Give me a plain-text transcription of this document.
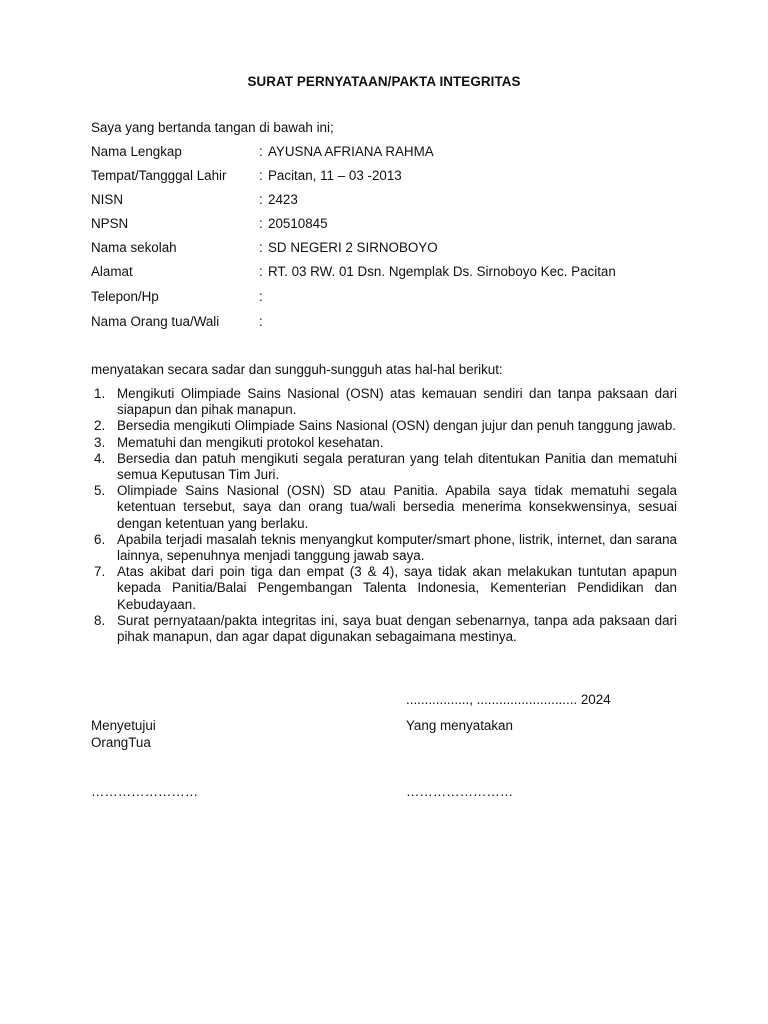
SURAT PERNYATAAN/PAKTA INTEGRITAS
Saya yang bertanda tangan di bawah ini;
Nama Lengkap	: AYUSNA AFRIANA RAHMA
Tempat/Tangggal Lahir : Pacitan, 11 – 03 -2013
NISN	: 2423
NPSN	: 20510845
Nama sekolah	: SD NEGERI 2 SIRNOBOYO
Alamat	: RT. 03 RW. 01 Dsn. Ngemplak Ds. Sirnoboyo Kec. Pacitan
Telepon/Hp	:
Nama Orang tua/Wali	:
menyatakan secara sadar dan sungguh-sungguh atas hal-hal berikut:
1. Mengikuti Olimpiade Sains Nasional (OSN) atas kemauan sendiri dan tanpa paksaan dari siapapun dan pihak manapun.
2. Bersedia mengikuti Olimpiade Sains Nasional (OSN) dengan jujur dan penuh tanggung jawab.
3. Mematuhi dan mengikuti protokol kesehatan.
4. Bersedia dan patuh mengikuti segala peraturan yang telah ditentukan Panitia dan mematuhi semua Keputusan Tim Juri.
5. Olimpiade Sains Nasional (OSN) SD atau Panitia. Apabila saya tidak mematuhi segala ketentuan tersebut, saya dan orang tua/wali bersedia menerima konsekwensinya, sesuai dengan ketentuan yang berlaku.
6. Apabila terjadi masalah teknis menyangkut komputer/smart phone, listrik, internet, dan sarana lainnya, sepenuhnya menjadi tanggung jawab saya.
7. Atas akibat dari poin tiga dan empat (3 & 4), saya tidak akan melakukan tuntutan apapun kepada Panitia/Balai Pengembangan Talenta Indonesia, Kementerian Pendidikan dan Kebudayaan.
8. Surat pernyataan/pakta integritas ini, saya buat dengan sebenarnya, tanpa ada paksaan dari pihak manapun, dan agar dapat digunakan sebagaimana mestinya.
................., ........................... 2024
Menyetujui
OrangTua
Yang menyatakan
……………………	……………………
